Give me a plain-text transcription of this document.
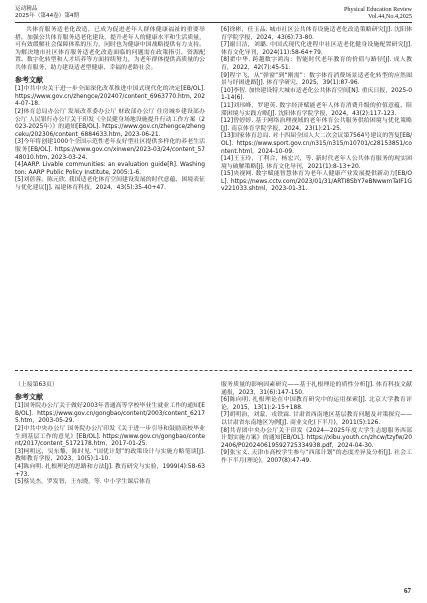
运动精品
2025年（第44卷）第4期
Physical Education Review
Vol.44,No.4,2025

共体育服务适老化改造，已成为促进老年人群体健康福祉的重要举措。加强公共体育服务适老化建设，提升老年人的健康水平和生活质量，可有效缓解社会保障体系的压力，同时也为健康中国战略提供有力支持。为解决地市社区体育服务适老化改造面临的问题需在政策指引、资源配置、数字化转型和人才培养等方面持续努力，为老年群体提供高质量的公共体育服务，助力建设适老型健康、幸福的老龄社会。

参考文献

[1]中共中央关于进一步全面深化改革推进中国式现代化的决定[EB/OL]. https://www.gov.cn/zhengce/202407/content_6963770.htm, 2024-07-18.

[2]体育总局办公厅 发展改革委办公厅 财政部办公厅 住房城乡建设部办公厅 人民银行办公厅关于印发《全民健身场地设施提升行动工作方案（2023-2025年）》的通知[EB/OL]. https://www.gov.cn/zhengce/zhengceku/202306/content_6884633.htm, 2023-06-21.

[3]今年将创建1000个全国示范性老年友好型社区提供多样化的养老生活服务[EB/OL]. https://www.gov.cn/xinwen/2023-03/24/content_5748010.htm, 2023-03-24.

[4]AARP. Livable communities: an evaluation guide[R]. Washington: AARP Public Policy Institute, 2005:1-6.

[5]刘蓓蓉，陈元欣. 我国适老化体育空间建设发展的时代意蕴、困境表征与优化建议[J]. 福建体育科技，2024，43(5):35-40+47.

[6]徐彬，任玉品. 城市社区公共体育设施适老化改造策略研究[J]. 沈阳体育学院学报，2024，43(6):73-80.

[7]谢日洁，刘璐. 中国式现代化进程中社区适老化健身设施配置研究[J]. 体育文化导刊，2024(11):58-64+79.

[8]翟中华. 跨越数字鸿沟：智能时代老年教育的价值与路径[J]. 成人教育，2022，42(7):45-51.

[9]程宇飞，从“弹窗”到“刚需”：数字体育消费场景适老化转型的应然图景与纾困进路[J]. 体育学研究，2025，39(1):87-96.

[10]李智. 加快建设特大城市适老化公共体育空间[N]. 重庆日报，2025-01-14(6).

[11]刘玮峰，罗建英. 数字经济赋能老年人体育消费升级的价值意蕴、阻滞困境与实践方略[J]. 沈阳体育学院学报，2024，43(2):117-123.

[12]曾婷婷. 基于网络治理视域的老年体育公共服务供给困境与优化策略[J]. 南京体育学院学报，2024，23(1):21-25.

[13]国家体育总局. 对十四届全国人大二次会议第7564号建议的答复[EB/OL]. https://www.sport.gov.cn/n315/n315/n10701/c28153851/content.html，2024-10-09.

[14]王玉玲，丁利合，杨宏兴，等. 新时代老年人公共体育服务的现实困境与破解策略[J]. 体育文化导刊，2021(1):8-13+20.

[15]央视网. 数字赋能智慧体育为老年人健康产业发展提供新动力[EB/OL]. https://news.cctv.com/2023/01/31/ARTI8SbY7eBNwwmTaIF1Gv221033.shtml，2023-01-31.

（上接第63页）

参考文献

[1]国务院办公厅关于做好2003年普通高等学校毕业生就业工作的通知[EB/OL]. https://www.gov.cn/gongbao/content/2003/content_62175.htm，2003-05-29.

[2]中共中央办公厅 国务院办公厅印发《关于进一步引导和鼓励高校毕业生到基层工作的意见》[EB/OL]. https://www.gov.cn/gongbao/content/2017/content_5172178.htm，2017-01-25.

[3]柯明远，吴东黎，陈时见. “国优计划”的政策设计与实施方略笔谈[J]. 教师教育学报，2023，10(5):1-10.

[4]陈向明. 扎根理论的思路和方法[J]. 教育研究与实验，1999(4):58-63+73.

[5]蔡吴杰，罗发智，王东晓，等. 中小学生课后体育

服务质量的影响因素研究——基于扎根理论的质性分析[J]. 体育科技文献通报，2023，31(6):147-150.

[6]陈向明. 扎根理论在中国教育研究中的运用探索[J]. 北京大学教育评论，2015，13(1):2-15+188.

[7]胡明治，刘蒙，戎铁霖. 甘肃省西南地区基层教育问题及对策探究——以甘肃省东南地区为例[J]. 商业文化(下半月)，2011(5):126.

[8]共青团中央办公厅关于印发《2024—2025年度大学生志愿服务西部计划实施方案》的通知[EB/OL]. https://xibu.youth.cn/zhcw/tzyfw/202406/P020240619592725334938.pdf，2024-04-30.

[9]张宝义. 天津市高校学生参与“西部计划”的态度差异及分析[J]. 社会工作下半月(理论)，2007(8):47-49.

67
